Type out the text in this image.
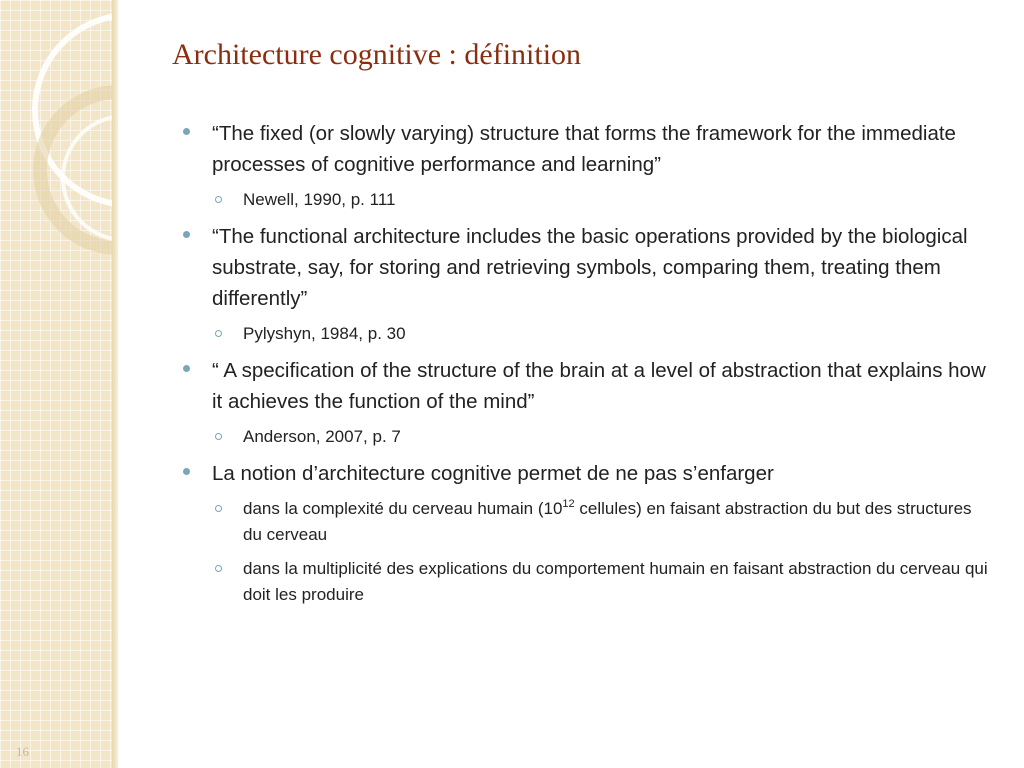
16
Architecture cognitive : définition
“The fixed (or slowly varying) structure that forms the framework for the immediate processes of cognitive performance and learning”
Newell, 1990, p. 111
“The functional architecture includes the basic operations provided by the biological substrate, say, for storing and retrieving symbols, comparing them, treating them differently”
Pylyshyn, 1984, p. 30
“ A specification of the structure of the brain at a level of abstraction that explains how it achieves the function of the mind”
Anderson, 2007, p. 7
La notion d’architecture cognitive permet de ne pas s’enfarger
dans la complexité du cerveau humain ($10^{12}$ cellules) en faisant abstraction du but des structures du cerveau
dans la multiplicité des explications du comportement humain en faisant abstraction du cerveau qui doit les produire
